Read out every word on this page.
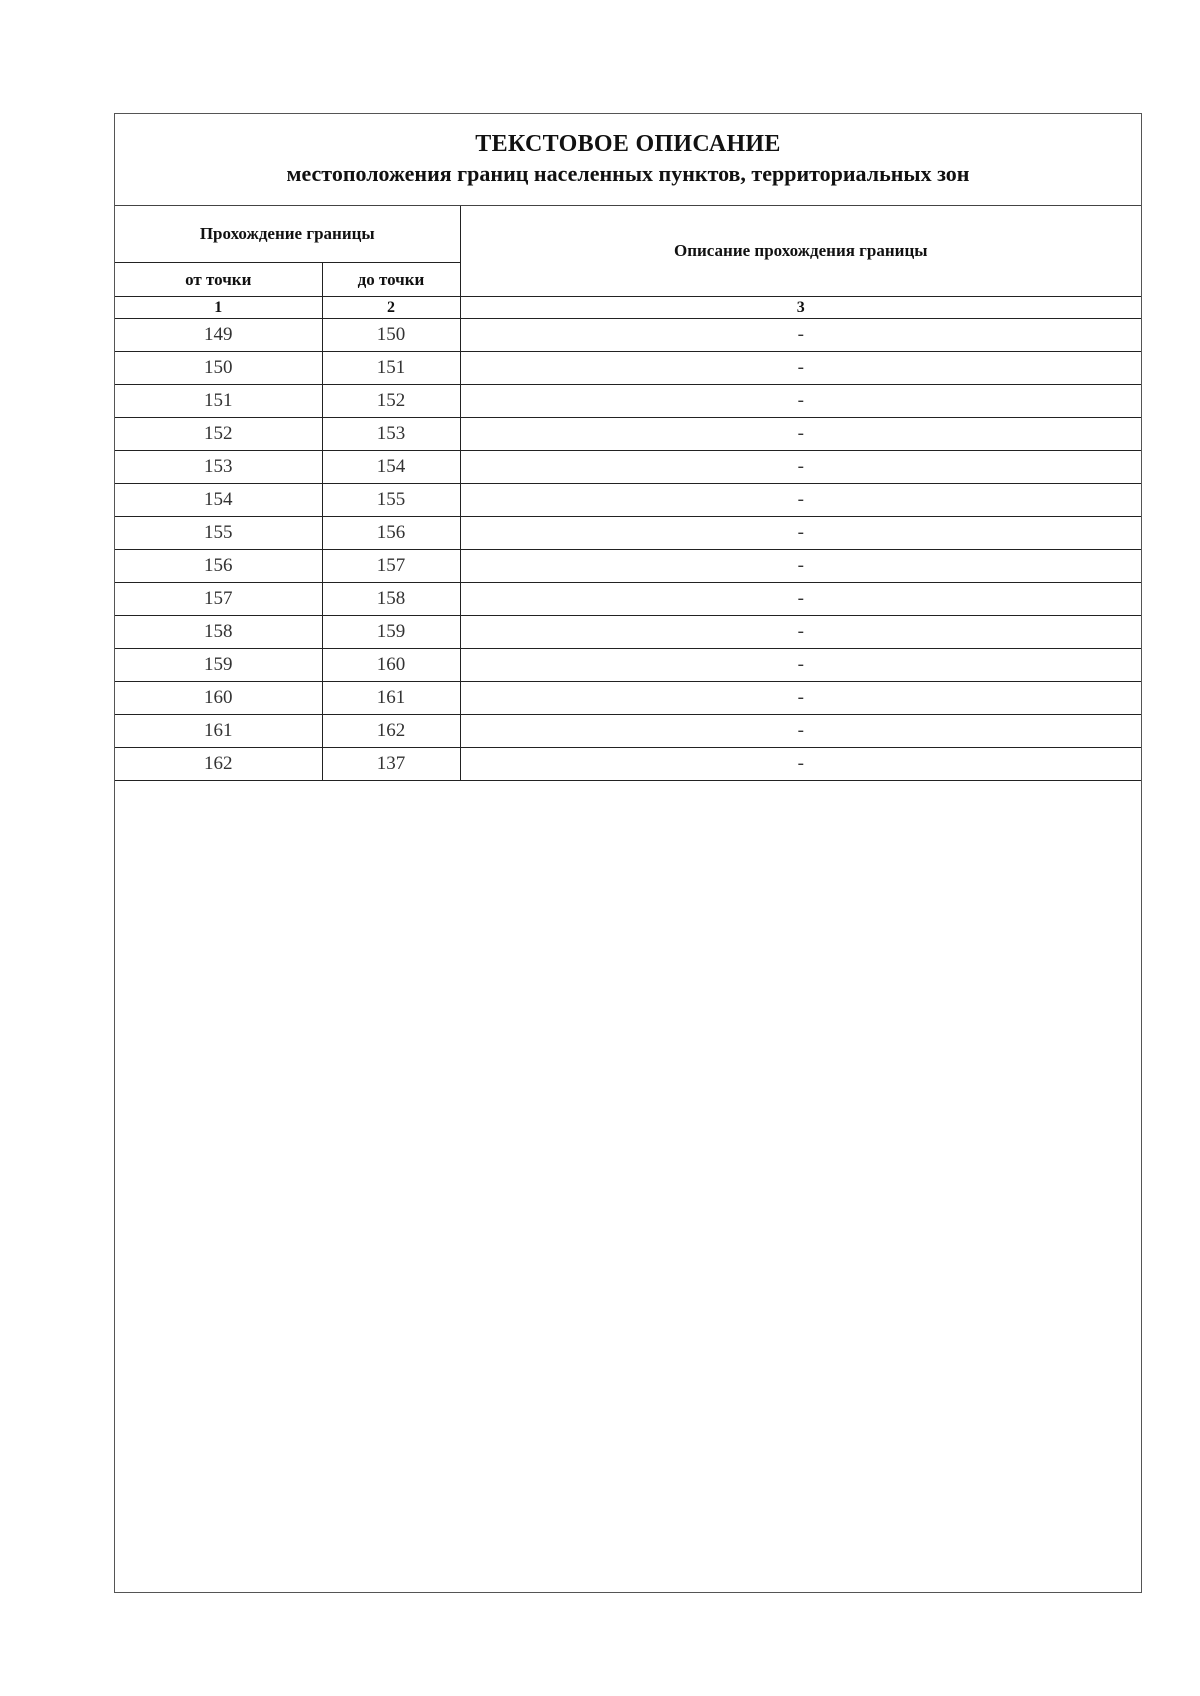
ТЕКСТОВОЕ ОПИСАНИЕ
местоположения границ населенных пунктов, территориальных зон
Прохождение границы		Описание прохождения границы
от точки	до точки	
1	2	3
149	150	-
150	151	-
151	152	-
152	153	-
153	154	-
154	155	-
155	156	-
156	157	-
157	158	-
158	159	-
159	160	-
160	161	-
161	162	-
162	137	-
